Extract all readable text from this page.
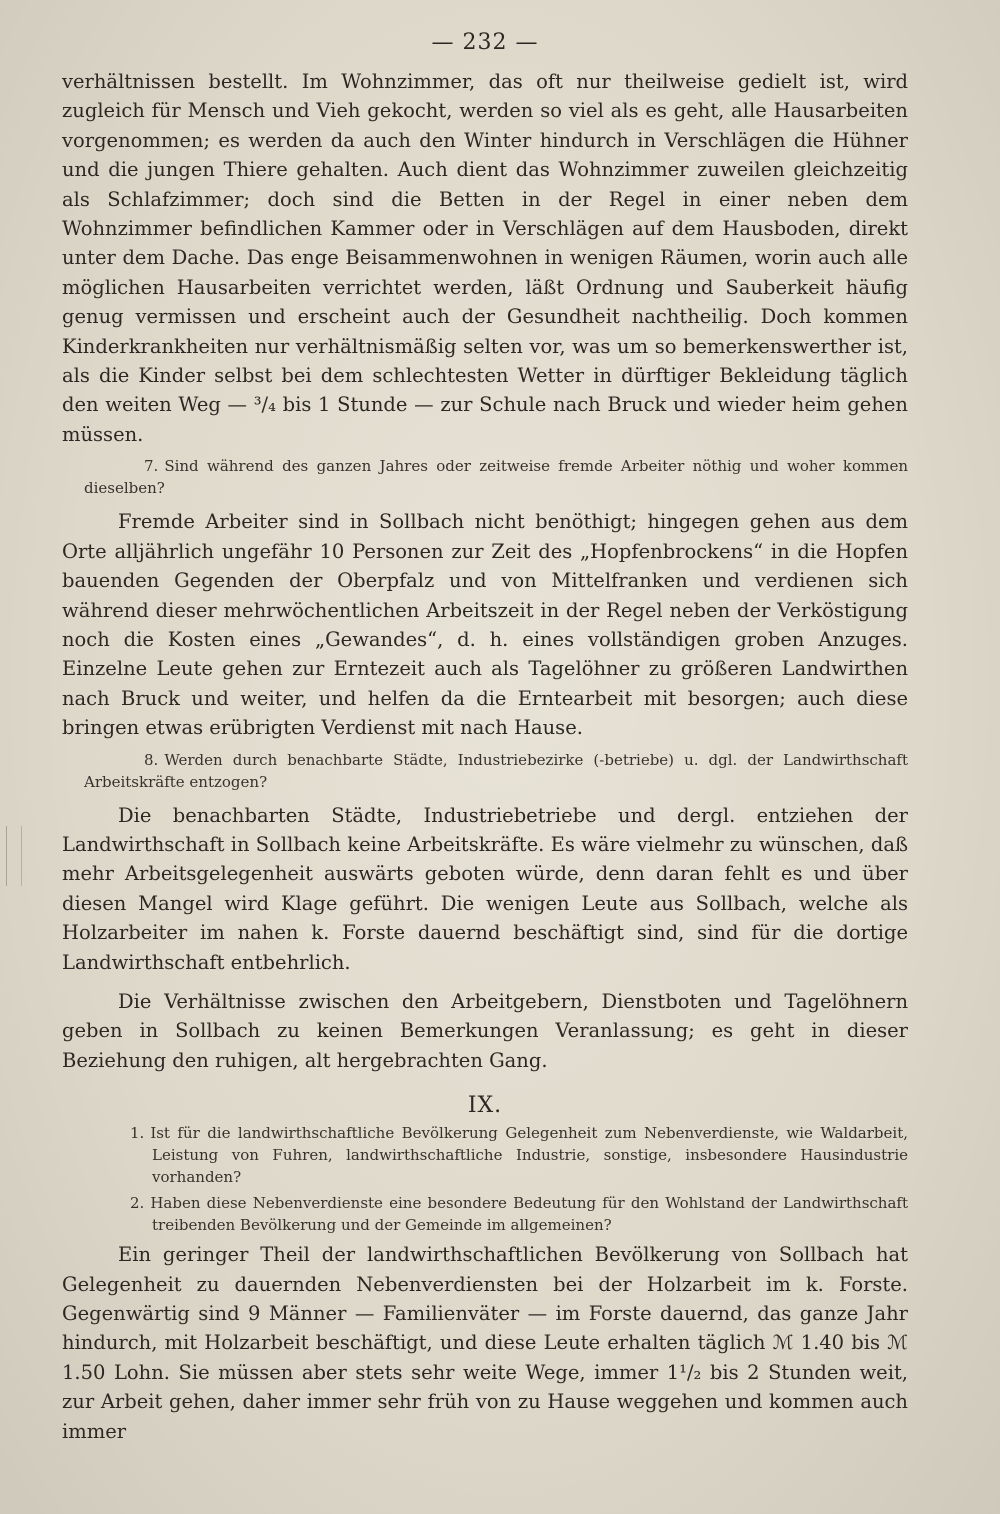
— 232 —

verhältnissen bestellt. Im Wohnzimmer, das oft nur theilweise gedielt ist, wird zugleich für Mensch und Vieh gekocht, werden so viel als es geht, alle Hausarbeiten vorgenommen; es werden da auch den Winter hindurch in Verschlägen die Hühner und die jungen Thiere gehalten. Auch dient das Wohnzimmer zuweilen gleichzeitig als Schlafzimmer; doch sind die Betten in der Regel in einer neben dem Wohnzimmer befindlichen Kammer oder in Verschlägen auf dem Hausboden, direkt unter dem Dache. Das enge Beisammenwohnen in wenigen Räumen, worin auch alle möglichen Hausarbeiten verrichtet werden, läßt Ordnung und Sauberkeit häufig genug vermissen und erscheint auch der Gesundheit nachtheilig. Doch kommen Kinderkrankheiten nur verhältnismäßig selten vor, was um so bemerkenswerther ist, als die Kinder selbst bei dem schlechtesten Wetter in dürftiger Bekleidung täglich den weiten Weg — ³/₄ bis 1 Stunde — zur Schule nach Bruck und wieder heim gehen müssen.

7. Sind während des ganzen Jahres oder zeitweise fremde Arbeiter nöthig und woher kommen dieselben?

Fremde Arbeiter sind in Sollbach nicht benöthigt; hingegen gehen aus dem Orte alljährlich ungefähr 10 Personen zur Zeit des „Hopfenbrockens“ in die Hopfen bauenden Gegenden der Oberpfalz und von Mittelfranken und verdienen sich während dieser mehrwöchentlichen Arbeitszeit in der Regel neben der Verköstigung noch die Kosten eines „Gewandes“, d. h. eines vollständigen groben Anzuges. Einzelne Leute gehen zur Erntezeit auch als Tagelöhner zu größeren Landwirthen nach Bruck und weiter, und helfen da die Erntearbeit mit besorgen; auch diese bringen etwas erübrigten Verdienst mit nach Hause.

8. Werden durch benachbarte Städte, Industriebezirke (-betriebe) u. dgl. der Landwirthschaft Arbeitskräfte entzogen?

Die benachbarten Städte, Industriebetriebe und dergl. entziehen der Landwirthschaft in Sollbach keine Arbeitskräfte. Es wäre vielmehr zu wünschen, daß mehr Arbeitsgelegenheit auswärts geboten würde, denn daran fehlt es und über diesen Mangel wird Klage geführt. Die wenigen Leute aus Sollbach, welche als Holzarbeiter im nahen k. Forste dauernd beschäftigt sind, sind für die dortige Landwirthschaft entbehrlich.

Die Verhältnisse zwischen den Arbeitgebern, Dienstboten und Tagelöhnern geben in Sollbach zu keinen Bemerkungen Veranlassung; es geht in dieser Beziehung den ruhigen, alt hergebrachten Gang.

IX.
1. Ist für die landwirthschaftliche Bevölkerung Gelegenheit zum Nebenverdienste, wie Waldarbeit, Leistung von Fuhren, landwirthschaftliche Industrie, sonstige, insbesondere Hausindustrie vorhanden?
2. Haben diese Nebenverdienste eine besondere Bedeutung für den Wohlstand der Landwirthschaft treibenden Bevölkerung und der Gemeinde im allgemeinen?

Ein geringer Theil der landwirthschaftlichen Bevölkerung von Sollbach hat Gelegenheit zu dauernden Nebenverdiensten bei der Holzarbeit im k. Forste. Gegenwärtig sind 9 Männer — Familienväter — im Forste dauernd, das ganze Jahr hindurch, mit Holzarbeit beschäftigt, und diese Leute erhalten täglich ℳ 1.40 bis ℳ 1.50 Lohn. Sie müssen aber stets sehr weite Wege, immer 1¹/₂ bis 2 Stunden weit, zur Arbeit gehen, daher immer sehr früh von zu Hause weggehen und kommen auch immer
